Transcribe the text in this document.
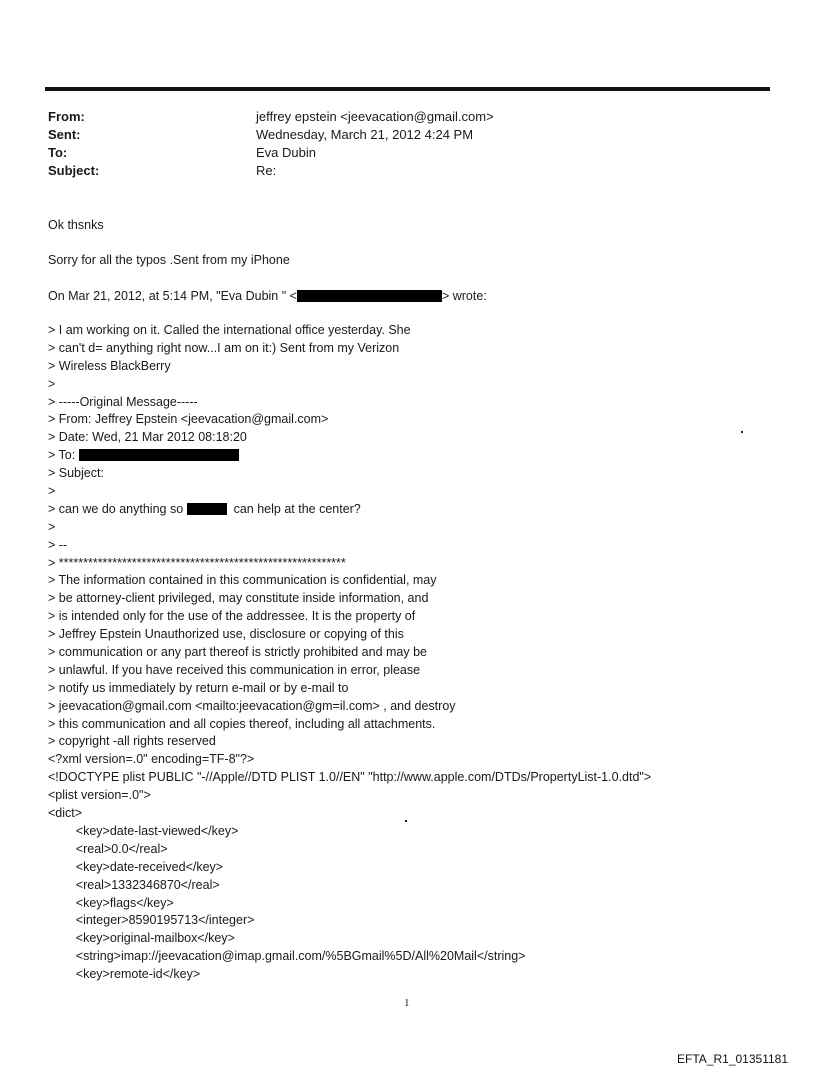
From:	jeffrey epstein <jeevacation@gmail.com>
Sent:	Wednesday, March 21, 2012 4:24 PM
To:	Eva Dubin
Subject:	Re:
Ok thsnks
Sorry for all the typos .Sent from my iPhone
On Mar 21, 2012, at 5:14 PM, "Eva Dubin " <	> wrote:
> I am working on it. Called the international office yesterday. She
> can't d= anything right now...I am on it:) Sent from my Verizon
> Wireless BlackBerry
>
> -----Original Message-----
> From: Jeffrey Epstein <jeevacation@gmail.com>
> Date: Wed, 21 Mar 2012 08:18:20
> To:
> Subject:
>
> can we do anything so	can help at the center?
>
> --
> ***********************************************************
> The information contained in this communication is confidential, may
> be attorney-client privileged, may constitute inside information, and
> is intended only for the use of the addressee. It is the property of
> Jeffrey Epstein Unauthorized use, disclosure or copying of this
> communication or any part thereof is strictly prohibited and may be
> unlawful. If you have received this communication in error, please
> notify us immediately by return e-mail or by e-mail to
> jeevacation@gmail.com <mailto:jeevacation@gm=il.com> , and destroy
> this communication and all copies thereof, including all attachments.
> copyright -all rights reserved
<?xml version=.0" encoding=TF-8"?>
<!DOCTYPE plist PUBLIC "-//Apple//DTD PLIST 1.0//EN" "http://www.apple.com/DTDs/PropertyList-1.0.dtd">
<plist version=.0">
<dict>
<key>date-last-viewed</key>
<real>0.0</real>
<key>date-received</key>
<real>1332346870</real>
<key>flags</key>
<integer>8590195713</integer>
<key>original-mailbox</key>
<string>imap://jeevacation@imap.gmail.com/%5BGmail%5D/All%20Mail</string>
<key>remote-id</key>
1
EFTA_R1_01351181
